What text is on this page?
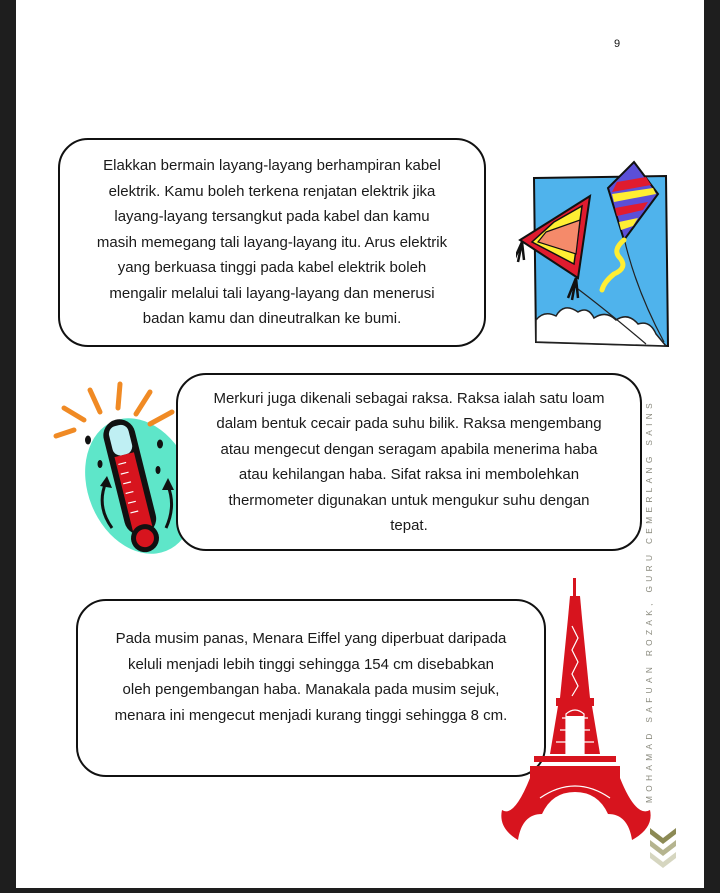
9

Elakkan bermain layang-layang berhampiran kabel
elektrik. Kamu boleh terkena renjatan elektrik jika
layang-layang tersangkut pada kabel dan kamu
masih memegang tali layang-layang itu. Arus elektrik
yang berkuasa tinggi pada kabel elektrik boleh
mengalir melalui tali layang-layang dan menerusi
badan kamu dan dineutralkan ke bumi.

Merkuri juga dikenali sebagai raksa. Raksa ialah satu loam
dalam bentuk cecair pada suhu bilik. Raksa mengembang
atau mengecut dengan seragam apabila menerima haba
atau kehilangan haba. Sifat raksa ini membolehkan
thermometer digunakan untuk mengukur suhu dengan
tepat.

Pada musim panas, Menara Eiffel yang diperbuat daripada
keluli menjadi lebih tinggi sehingga 154 cm disebabkan
oleh pengembangan haba. Manakala pada musim sejuk,
menara ini mengecut menjadi kurang tinggi sehingga 8 cm.	MOHAMAD SAFUAN ROZAK, GURU CEMERLANG SAINS
